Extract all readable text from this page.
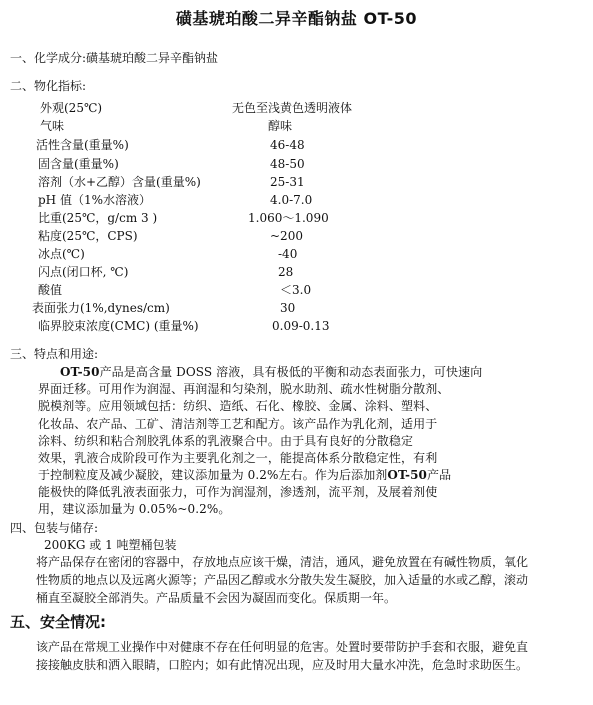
磺基琥珀酸二异辛酯钠盐 OT-50
一、化学成分:磺基琥珀酸二异辛酯钠盐
二、物化指标:
外观(25℃)	无色至浅黄色透明液体
气味	醇味
活性含量(重量%)	46-48
固含量(重量%)	48-50
溶剂（水+乙醇）含量(重量%)	25-31
pH 值（1%水溶液）	4.0-7.0
比重(25℃，g/cm 3 )	1.060～1.090
粘度(25℃，CPS)	~200
冰点(℃)	-40
闪点(闭口杯, ℃)	28
酸值	＜3.0
表面张力(1%,dynes/cm)	30
临界胶束浓度(CMC) (重量%)	0.09-0.13
三、特点和用途:
OT-50产品是高含量 DOSS 溶液，具有极低的平衡和动态表面张力，可快速向
界面迁移。可用作为润湿、再润湿和匀染剂，脱水助剂、疏水性树脂分散剂、
脱模剂等。应用领域包括：纺织、造纸、石化、橡胶、金属、涂料、塑料、
化妆品、农产品、工矿、清洁剂等工艺和配方。该产品作为乳化剂，适用于
涂料、纺织和粘合剂胶乳体系的乳液聚合中。由于具有良好的分散稳定
效果，乳液合成阶段可作为主要乳化剂之一，能提高体系分散稳定性，有利
于控制粒度及减少凝胶，建议添加量为 0.2%左右。作为后添加剂OT-50产品
能极快的降低乳液表面张力，可作为润湿剂，渗透剂，流平剂，及展着剂使
用，建议添加量为 0.05%~0.2%。
四、包装与储存:
200KG 或 1 吨塑桶包装
将产品保存在密闭的容器中，存放地点应该干燥，清洁，通风，避免放置在有碱性物质，氧化
性物质的地点以及远离火源等；产品因乙醇或水分散失发生凝胶，加入适量的水或乙醇，滚动
桶直至凝胶全部消失。产品质量不会因为凝固而变化。保质期一年。
五、安全情况:
该产品在常规工业操作中对健康不存在任何明显的危害。处置时要带防护手套和衣服，避免直
接接触皮肤和洒入眼睛，口腔内；如有此情况出现，应及时用大量水冲洗，危急时求助医生。
